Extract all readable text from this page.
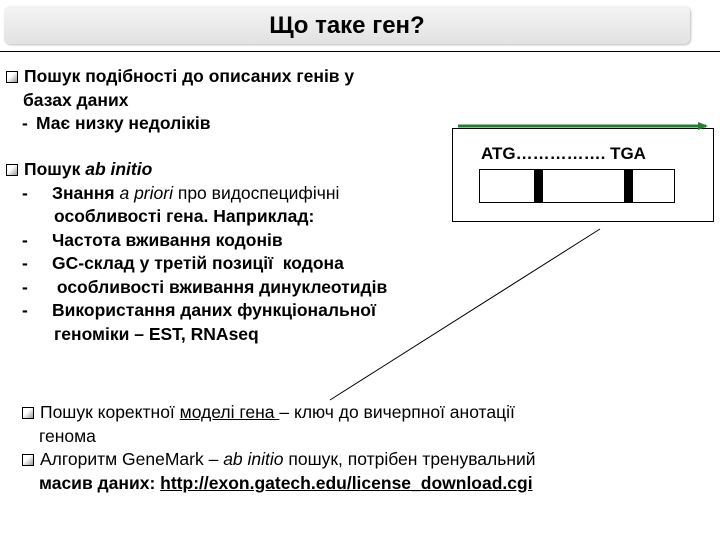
Що таке ген?
Пошук подібності до описаних генів у
базах даних
- Має низку недоліків
Пошук ab initio
- Знання a priori про видоспецифічні
особливості гена. Наприклад:
- Частота вживання кодонів
- GC-склад у третій позиції  кодона
- особливості вживання динуклеотидів
- Використання даних функціональної
геноміки – EST, RNAseq
ATG……………. TGA
Пошук коректної моделі гена – ключ до вичерпної анотації
генома
Алгоритм GeneMark – ab initio пошук, потрібен тренувальний
масив даних: http://exon.gatech.edu/license_download.cgi
